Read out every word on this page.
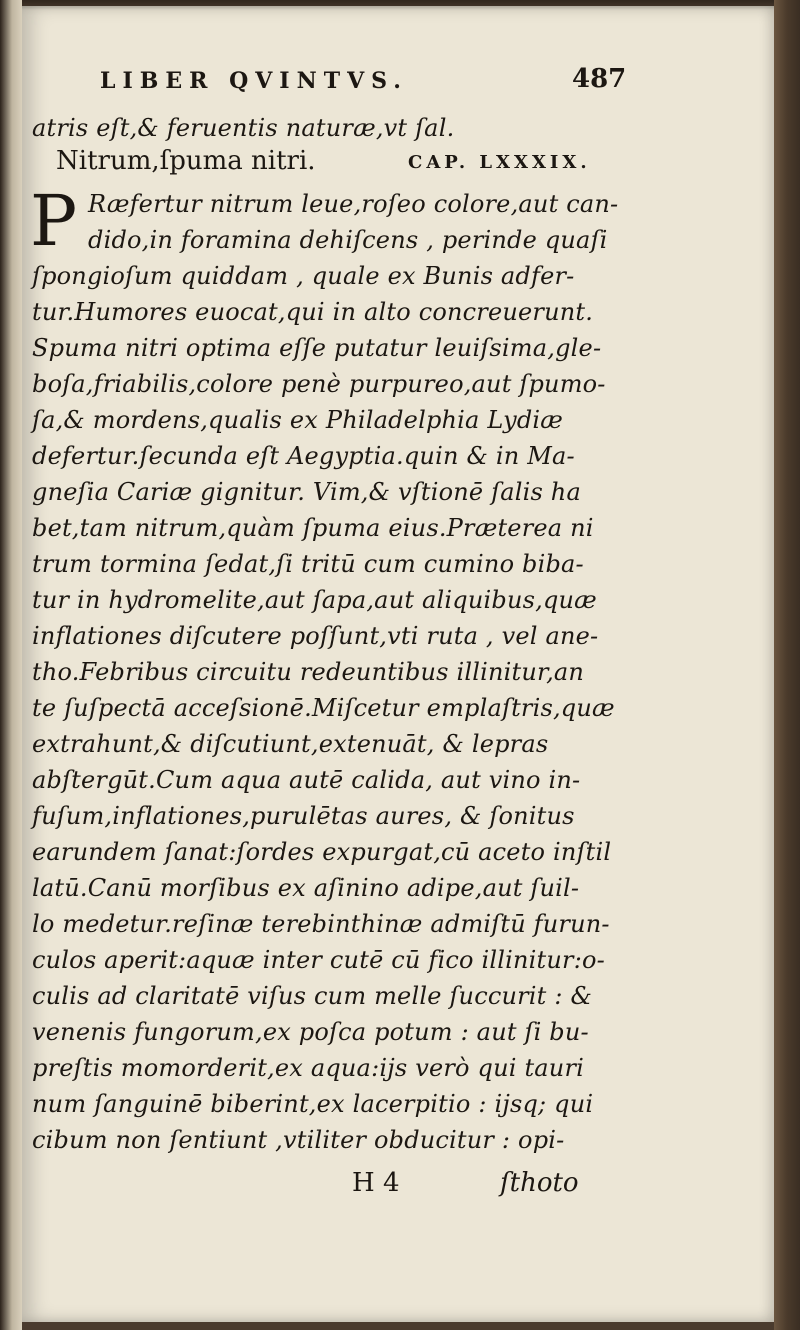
LIBER QVINTVS.	487
atris eſt,& feruentis naturæ,vt ſal.
Nitrum,ſpuma nitri.	CAP. LXXXIX.
P Ræfertur nitrum leue,roſeo colore,aut can-
dido,in foramina dehiſcens , perinde quaſi
ſpongioſum quiddam , quale ex Bunis adfer-
tur.Humores euocat,qui in alto concreuerunt.
Spuma nitri optima eſſe putatur leuiſsima,gle-
boſa,friabilis,colore penè purpureo,aut ſpumo-
ſa,& mordens,qualis ex Philadelphia Lydiæ
defertur.ſecunda eſt Aegyptia.quin & in Ma-
gneſia Cariæ gignitur. Vim,& vſtionē ſalis ha
bet,tam nitrum,quàm ſpuma eius.Præterea ni
trum tormina ſedat,ſi tritū cum cumino biba-
tur in hydromelite,aut ſapa,aut aliquibus,quæ
inflationes diſcutere poſſunt,vti ruta , vel ane-
tho.Febribus circuitu redeuntibus illinitur,an
te ſuſpectā acceſsionē.Miſcetur emplaſtris,quæ
extrahunt,& diſcutiunt,extenuāt, & lepras
abſtergūt.Cum aqua autē calida, aut vino in-
fuſum,inflationes,purulētas aures, & ſonitus
earundem ſanat:ſordes expurgat,cū aceto inſtil
latū.Canū morſibus ex aſinino adipe,aut ſuil-
lo medetur.reſinæ terebinthinæ admiſtū furun-
culos aperit:aquæ inter cutē cū fico illinitur:o-
culis ad claritatē viſus cum melle ſuccurit : &
venenis fungorum,ex poſca potum : aut ſi bu-
preſtis momorderit,ex aqua:ijs verò qui tauri
num ſanguinē biberint,ex lacerpitio : ijsq; qui
cibum non ſentiunt ,vtiliter obducitur : opi-
H 4	ſthoto
